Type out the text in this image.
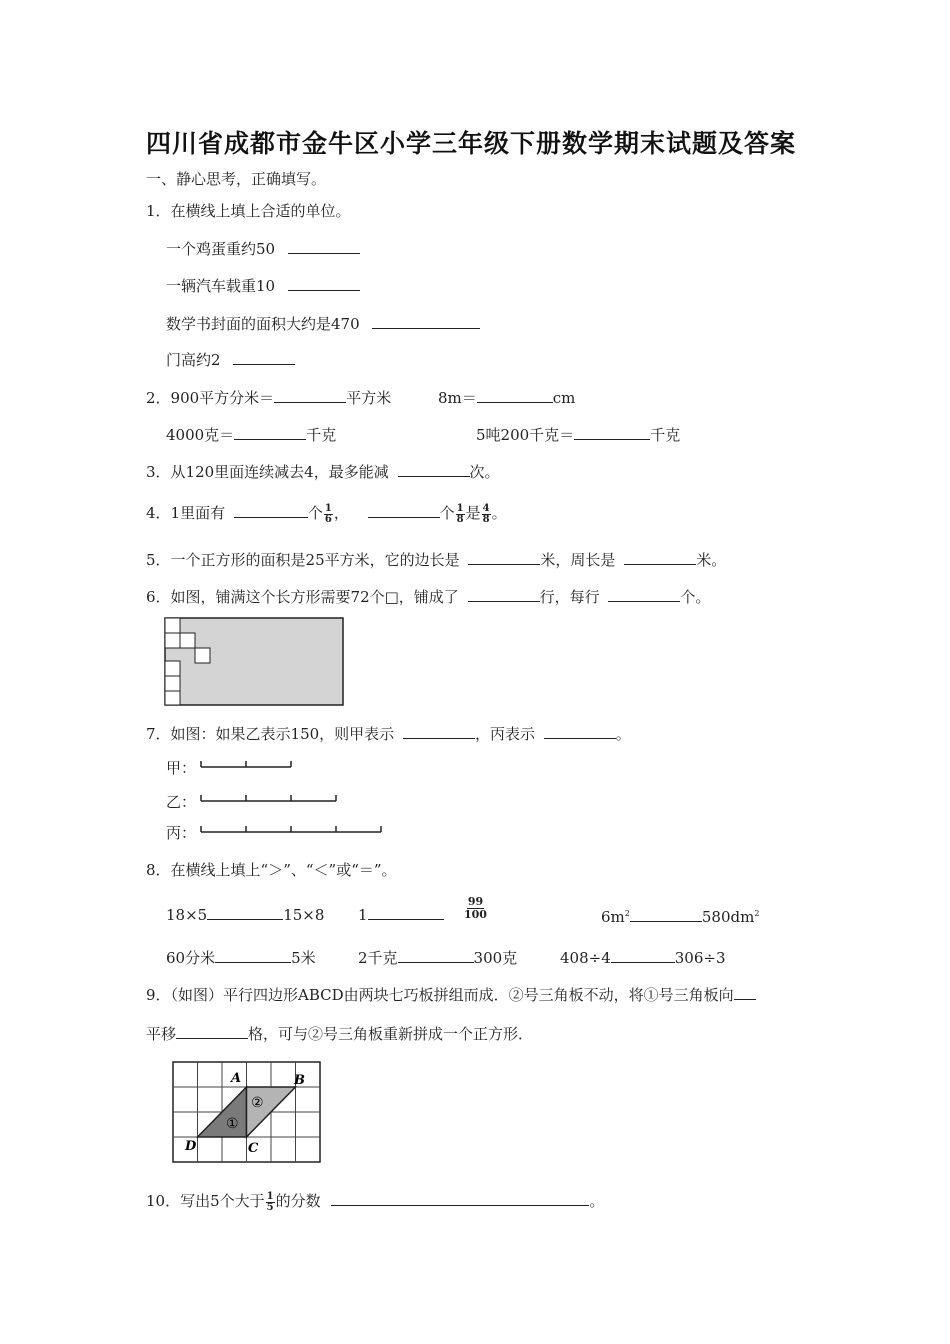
四川省成都市金牛区小学三年级下册数学期末试题及答案
一、静心思考，正确填写。
1．在横线上填上合适的单位。
一个鸡蛋重约50
一辆汽车载重10
数学书封面的面积大约是470
门高约2
2．900平方分米＝	平方米	8m＝	cm
4000克＝	千克	5吨200千克＝	千克
3．从120里面连续减去4，最多能减	次。
4．1里面有	个 $\frac{1}{6}$ ，	个 $\frac{1}{8}$ 是 $\frac{4}{8}$ 。
5．一个正方形的面积是25平方米，它的边长是	米，周长是	米。
6．如图，铺满这个长方形需要72个□，铺成了	行，每行	个。
7．如图：如果乙表示150，则甲表示	，丙表示	。
甲：
乙：
丙：
8．在横线上填上“＞”、“＜”或“＝”。
18×5	15×8 1	$\frac{99}{100}$	$6m^2$	$580dm^2$
60分米	5米	2千克	300克	408÷4	306÷3
9．（如图）平行四边形ABCD由两块七巧板拼组而成．②号三角板不动，将①号三角板向
平移	格，可与②号三角板重新拼成一个正方形．
①
②
A	B
C
D
10．写出5个大于 $\frac{1}{5}$ 的分数	。
